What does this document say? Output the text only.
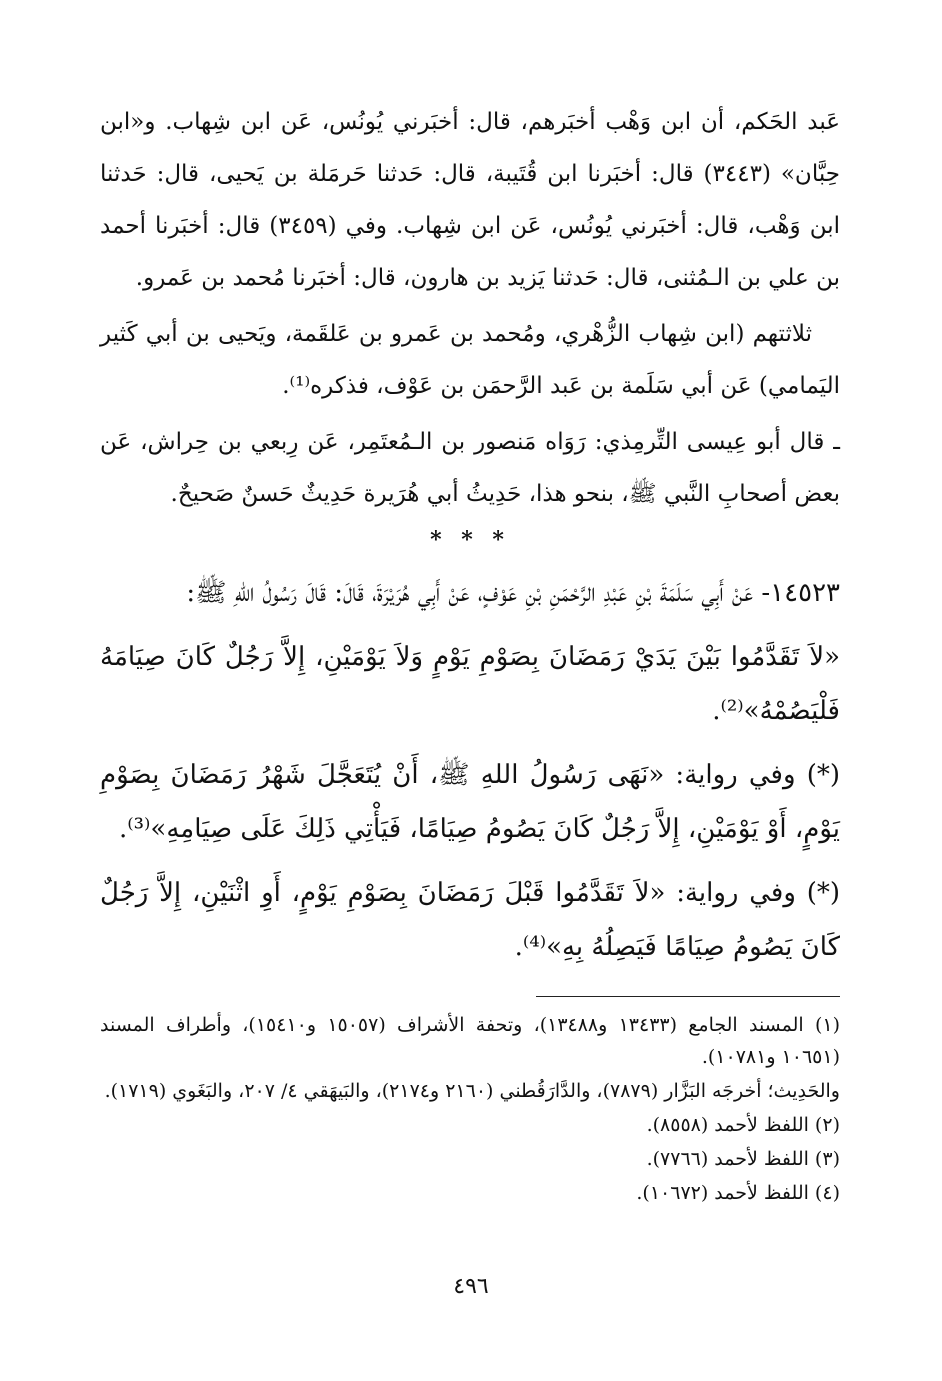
عَبد الحَكم، أن ابن وَهْب أخبَرهم، قال: أخبَرني يُونُس، عَن ابن شِهاب. و«ابن حِبَّان» (٣٤٤٣) قال: أخبَرنا ابن قُتَيبة، قال: حَدثنا حَرمَلة بن يَحيى، قال: حَدثنا ابن وَهْب، قال: أخبَرني يُونُس، عَن ابن شِهاب. وفي (٣٤٥٩) قال: أخبَرنا أحمد بن علي بن الـمُثنى، قال: حَدثنا يَزيد بن هارون، قال: أخبَرنا مُحمد بن عَمرو.

ثلاثتهم (ابن شِهاب الزُّهْري، ومُحمد بن عَمرو بن عَلقَمة، ويَحيى بن أبي كَثير اليَمامي) عَن أبي سَلَمة بن عَبد الرَّحمَن بن عَوْف، فذكره⁽¹⁾.

ـ قال أبو عِيسى التِّرمِذي: رَوَاه مَنصور بن الـمُعتَمِر، عَن رِبعي بن حِراش، عَن بعض أصحابِ النَّبي ﷺ، بنحو هذا، حَدِيثُ أبي هُرَيرة حَدِيثٌ حَسنٌ صَحيحٌ.

* * *

١٤٥٢٣- عَنْ أَبِي سَلَمَةَ بْنِ عَبْدِ الرَّحْمَنِ بْنِ عَوْفٍ، عَنْ أَبِي هُرَيْرَةَ، قَالَ: قَالَ رَسُولُ اللهِ ﷺ:

«لاَ تَقَدَّمُوا بَيْنَ يَدَيْ رَمَضَانَ بِصَوْمِ يَوْمٍ وَلاَ يَوْمَيْنِ، إِلاَّ رَجُلٌ كَانَ صِيَامَهُ فَلْيَصُمْهُ»⁽²⁾.

(*) وفي رواية: «نَهَى رَسُولُ اللهِ ﷺ، أَنْ يُتَعَجَّلَ شَهْرُ رَمَضَانَ بِصَوْمِ يَوْمٍ، أَوْ يَوْمَيْنِ، إِلاَّ رَجُلٌ كَانَ يَصُومُ صِيَامًا، فَيَأْتِي ذَلِكَ عَلَى صِيَامِهِ»⁽³⁾.

(*) وفي رواية: «لاَ تَقَدَّمُوا قَبْلَ رَمَضَانَ بِصَوْمِ يَوْمٍ، أَوِ اثْنَيْنِ، إِلاَّ رَجُلٌ كَانَ يَصُومُ صِيَامًا فَيَصِلُهُ بِهِ»⁽⁴⁾.

(١) المسند الجامع (١٣٤٣٣ و١٣٤٨٨)، وتحفة الأشراف (١٥٠٥٧ و١٥٤١٠)، وأطراف المسند (١٠٦٥١ و١٠٧٨١).

والحَدِيث؛ أخرجَه البَزَّار (٧٨٧٩)، والدَّارَقُطني (٢١٦٠ و٢١٧٤)، والبَيهَقي ٤/ ٢٠٧، والبَغَوي (١٧١٩).

(٢) اللفظ لأحمد (٨٥٥٨).

(٣) اللفظ لأحمد (٧٧٦٦).

(٤) اللفظ لأحمد (١٠٦٧٢).

٤٩٦
